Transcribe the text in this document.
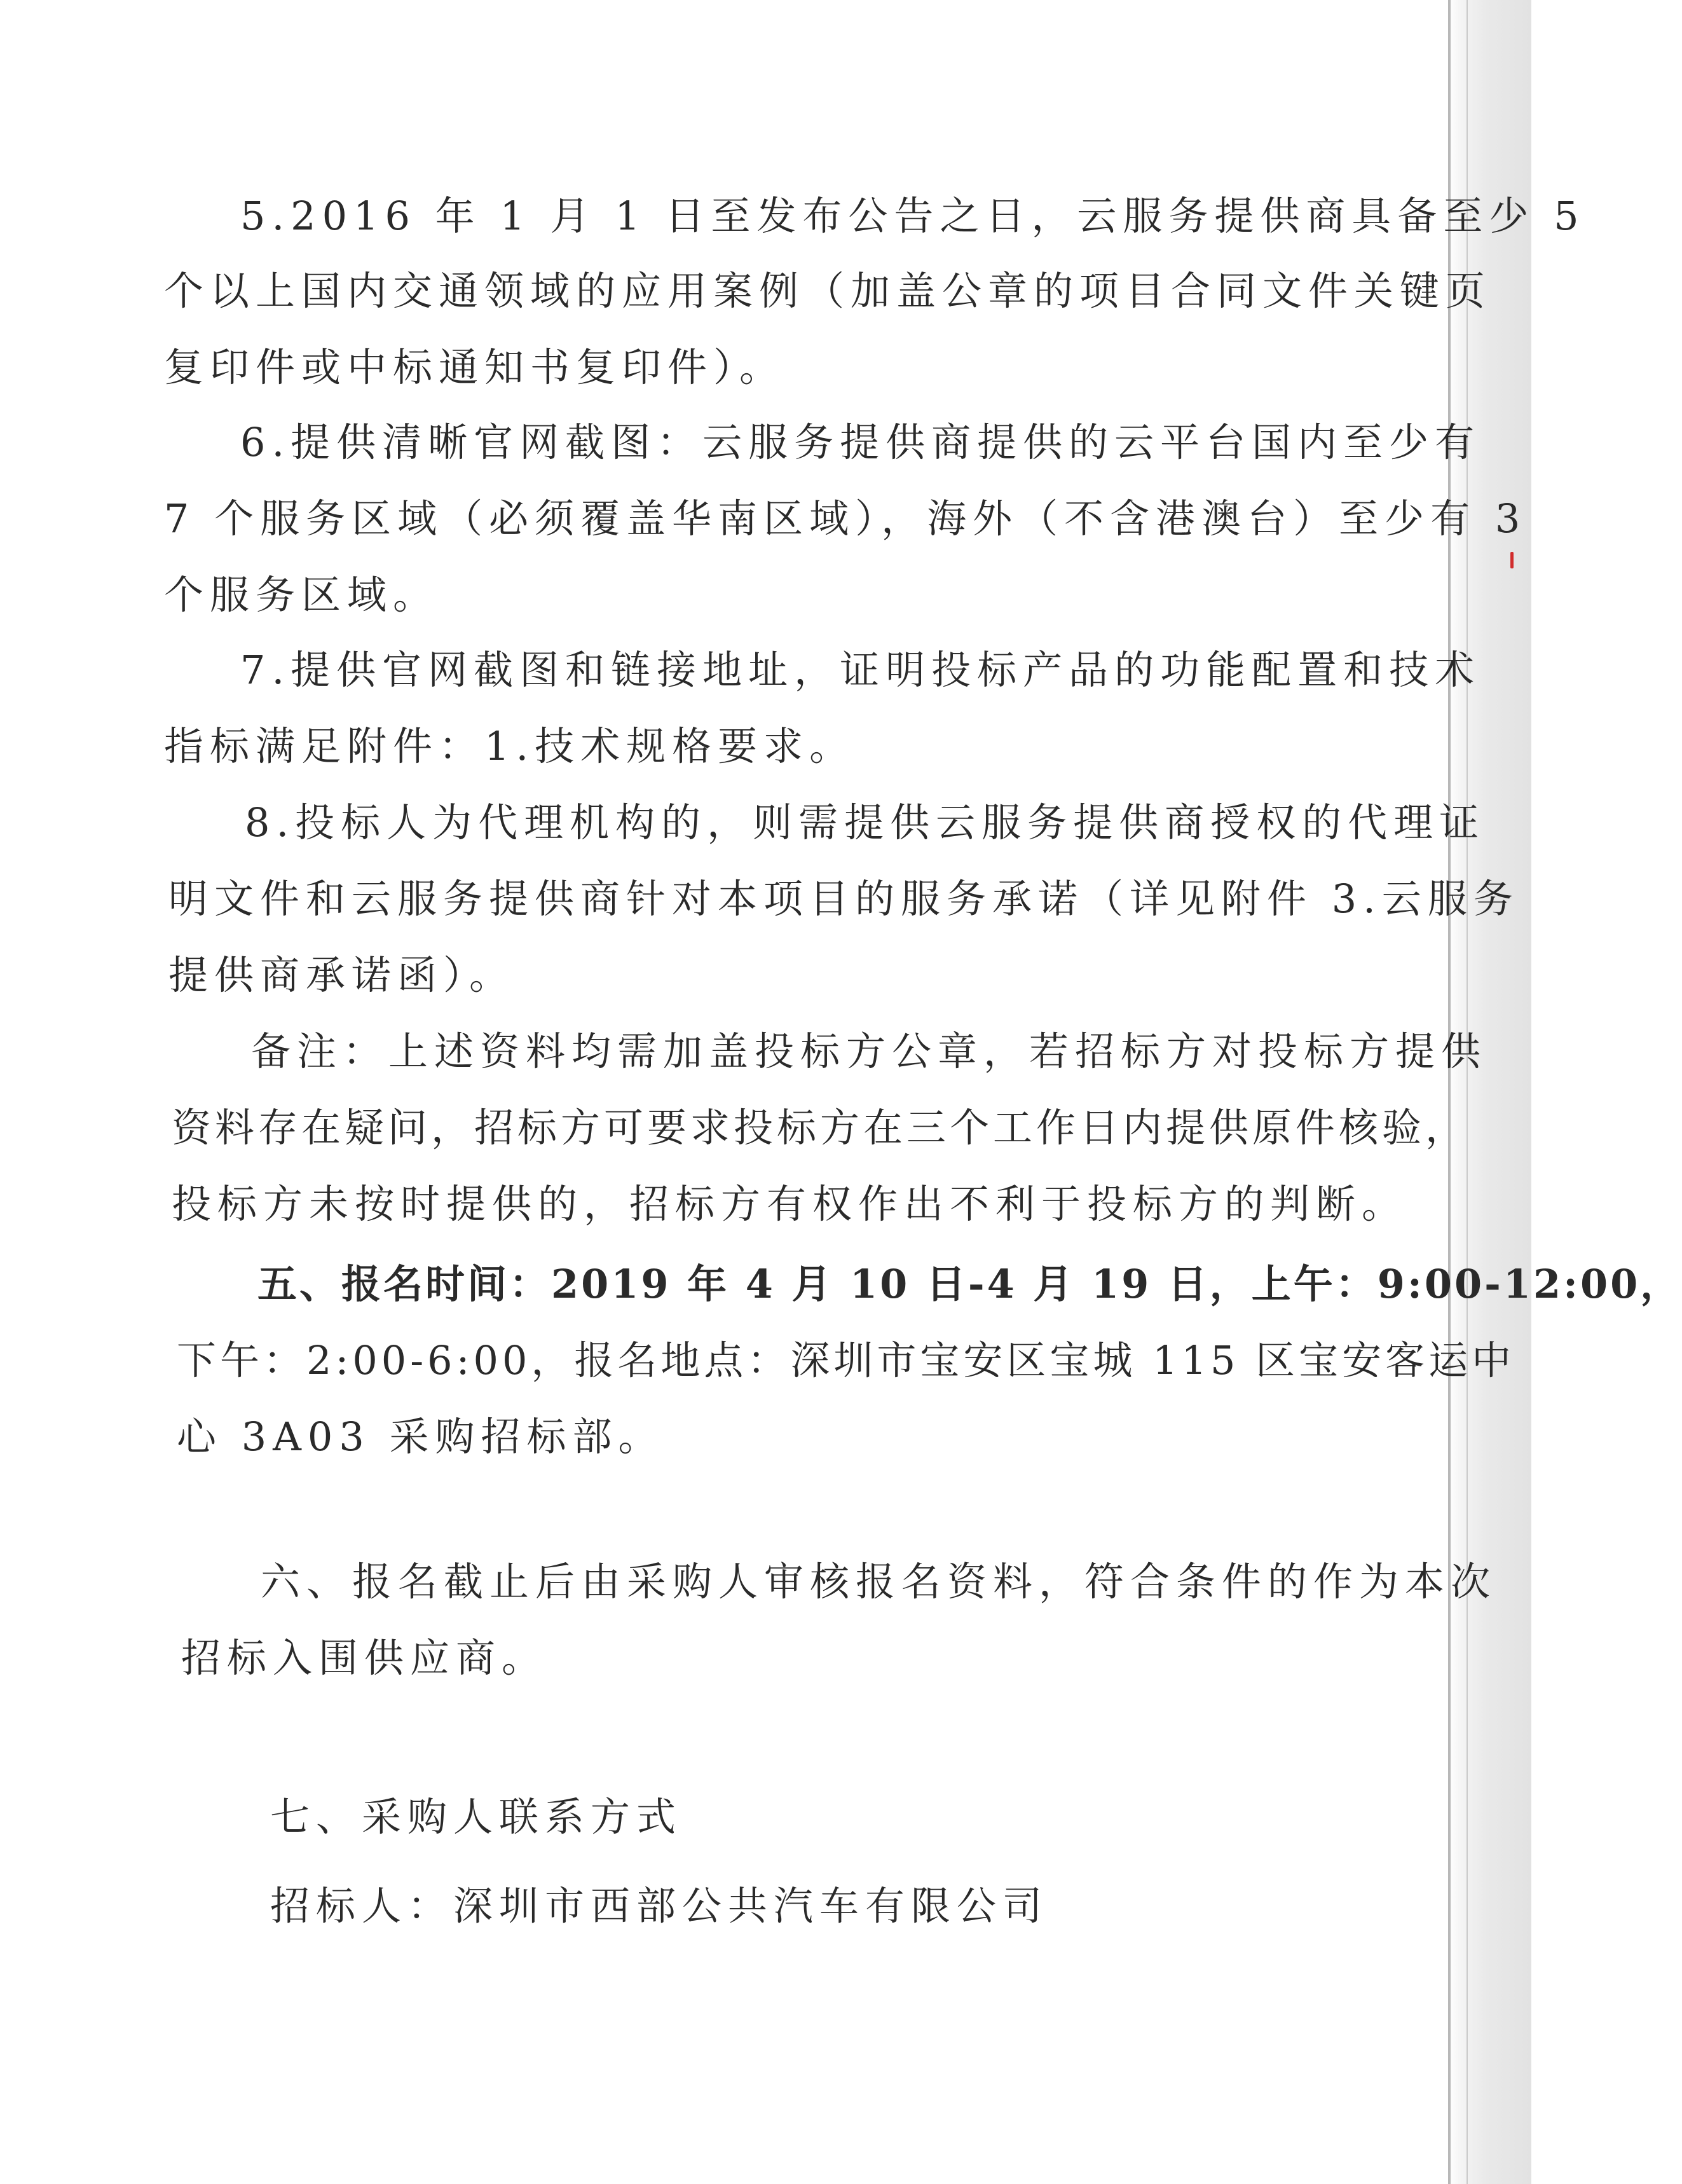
5.2016 年 1 月 1 日至发布公告之日，云服务提供商具备至少 5
个以上国内交通领域的应用案例（加盖公章的项目合同文件关键页
复印件或中标通知书复印件）。
6.提供清晰官网截图：云服务提供商提供的云平台国内至少有
7 个服务区域（必须覆盖华南区域），海外（不含港澳台）至少有 3
个服务区域。
7.提供官网截图和链接地址，证明投标产品的功能配置和技术
指标满足附件：1.技术规格要求。
8.投标人为代理机构的，则需提供云服务提供商授权的代理证
明文件和云服务提供商针对本项目的服务承诺（详见附件 3.云服务
提供商承诺函）。
备注：上述资料均需加盖投标方公章，若招标方对投标方提供
资料存在疑问，招标方可要求投标方在三个工作日内提供原件核验，
投标方未按时提供的，招标方有权作出不利于投标方的判断。
五、报名时间：2019 年 4 月 10 日-4 月 19 日，上午：9:00-12:00，
下午：2:00-6:00，报名地点：深圳市宝安区宝城 115 区宝安客运中
心 3A03 采购招标部。
六、报名截止后由采购人审核报名资料，符合条件的作为本次
招标入围供应商。
七、采购人联系方式
招标人：深圳市西部公共汽车有限公司
